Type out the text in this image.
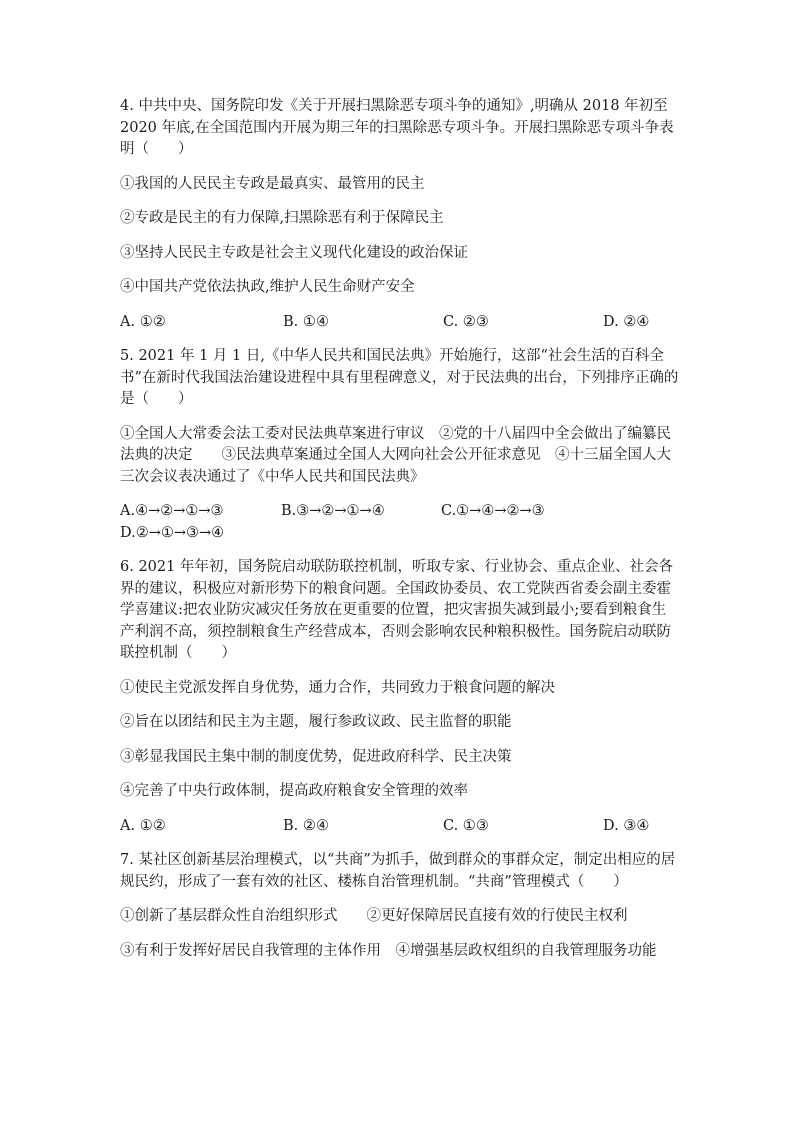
4. 中共中央、国务院印发《关于开展扫黑除恶专项斗争的通知》,明确从 2018 年初至 2020 年底,在全国范围内开展为期三年的扫黑除恶专项斗争。开展扫黑除恶专项斗争表明（　　）

①我国的人民民主专政是最真实、最管用的民主

②专政是民主的有力保障,扫黑除恶有利于保障民主

③坚持人民民主专政是社会主义现代化建设的政治保证

④中国共产党依法执政,维护人民生命财产安全

A. ①②	B. ①④	C. ②③	D. ②④

5. 2021 年 1 月 1 日,《中华人民共和国民法典》开始施行，这部“社会生活的百科全书”在新时代我国法治建设进程中具有里程碑意义，对于民法典的出台，下列排序正确的是（　　）

①全国人大常委会法工委对民法典草案进行审议　②党的十八届四中全会做出了编纂民法典的决定　　③民法典草案通过全国人大网向社会公开征求意见　④十三届全国人大三次会议表决通过了《中华人民共和国民法典》

A.④→②→①→③	B.③→②→①→④	C.①→④→②→③D.②→①→③→④

6. 2021 年年初，国务院启动联防联控机制，听取专家、行业协会、重点企业、社会各界的建议，积极应对新形势下的粮食问题。全国政协委员、农工党陕西省委会副主委霍学喜建议:把农业防灾减灾任务放在更重要的位置，把灾害损失减到最小;要看到粮食生产利润不高，须控制粮食生产经营成本，否则会影响农民种粮积极性。国务院启动联防联控机制（　　）

①使民主党派发挥自身优势，通力合作，共同致力于粮食问题的解决

②旨在以团结和民主为主题，履行参政议政、民主监督的职能

③彰显我国民主集中制的制度优势，促进政府科学、民主决策

④完善了中央行政体制，提高政府粮食安全管理的效率

A. ①②	B. ②④	C. ①③	D. ③④

7. 某社区创新基层治理模式，以“共商”为抓手，做到群众的事群众定，制定出相应的居规民约，形成了一套有效的社区、楼栋自治管理机制。“共商”管理模式（　　）

①创新了基层群众性自治组织形式　　②更好保障居民直接有效的行使民主权利

③有利于发挥好居民自我管理的主体作用　④增强基层政权组织的自我管理服务功能
